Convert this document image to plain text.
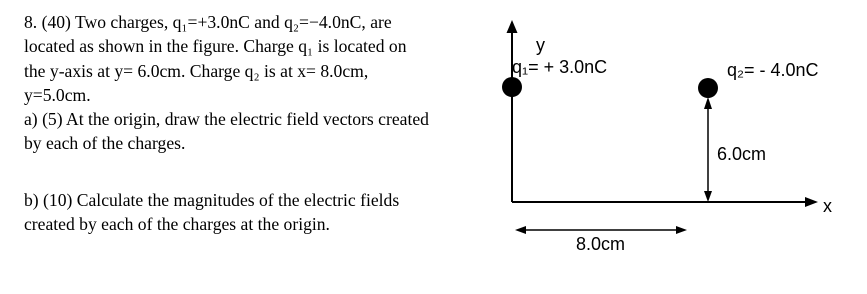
8. (40) Two charges, q₁=+3.0nC and q₂=−4.0nC, are

located as shown in the figure. Charge q₁ is located on

the y-axis at y= 6.0cm. Charge q₂ is at x= 8.0cm,

y=5.0cm.

a) (5) At the origin, draw the electric field vectors created

by each of the charges.

b) (10) Calculate the magnitudes of the electric fields

created by each of the charges at the origin.

y
x
q₁= + 3.0nC	q₂= - 4.0nC
6.0cm
8.0cm
